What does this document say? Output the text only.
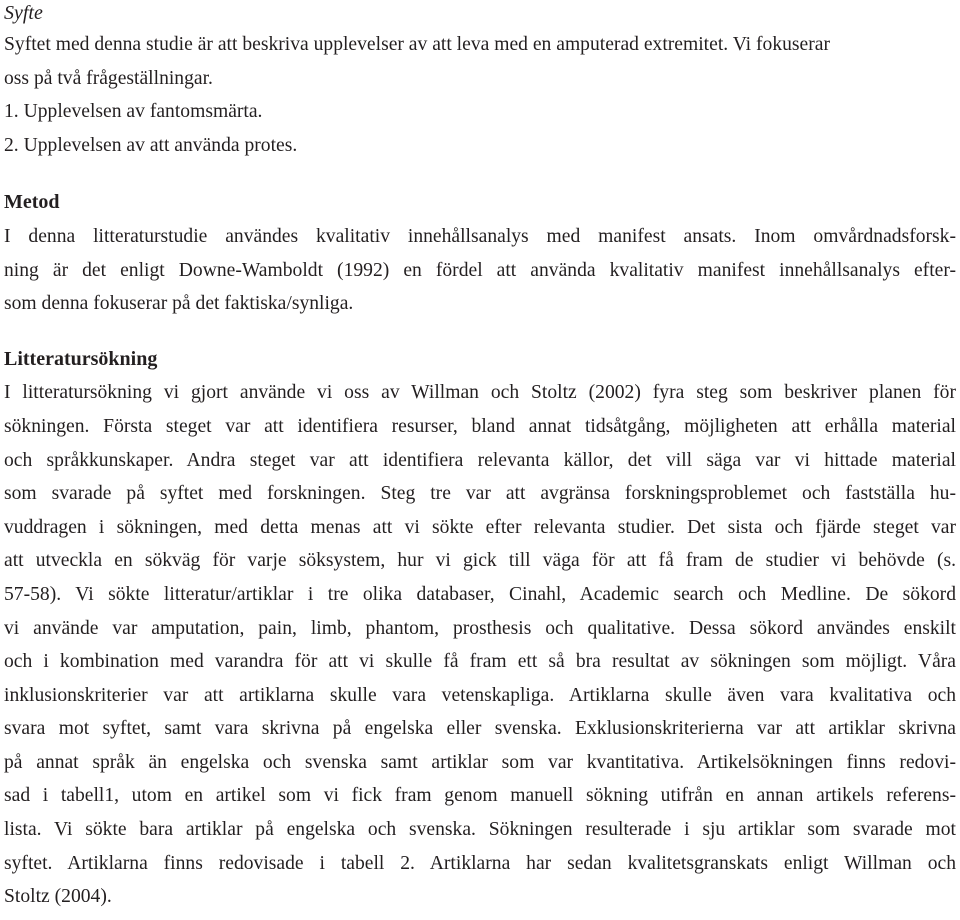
Syfte
Syftet med denna studie är att beskriva upplevelser av att leva med en amputerad extremitet. Vi fokuserar
oss på två frågeställningar.
1. Upplevelsen av fantomsmärta.
2. Upplevelsen av att använda protes.
Metod
I denna litteraturstudie användes kvalitativ innehållsanalys med manifest ansats. Inom omvårdnadsforsk-
ning är det enligt Downe-Wamboldt (1992) en fördel att använda kvalitativ manifest innehållsanalys efter-
som denna fokuserar på det faktiska/synliga.
Litteratursökning
I litteratursökning vi gjort använde vi oss av Willman och Stoltz (2002) fyra steg som beskriver planen för
sökningen. Första steget var att identifiera resurser, bland annat tidsåtgång, möjligheten att erhålla material
och språkkunskaper. Andra steget var att identifiera relevanta källor, det vill säga var vi hittade material
som svarade på syftet med forskningen. Steg tre var att avgränsa forskningsproblemet och fastställa hu-
vuddragen i sökningen, med detta menas att vi sökte efter relevanta studier. Det sista och fjärde steget var
att utveckla en sökväg för varje söksystem, hur vi gick till väga för att få fram de studier vi behövde (s.
57-58). Vi sökte litteratur/artiklar i tre olika databaser, Cinahl, Academic search och Medline. De sökord
vi använde var amputation, pain, limb, phantom, prosthesis och qualitative. Dessa sökord användes enskilt
och i kombination med varandra för att vi skulle få fram ett så bra resultat av sökningen som möjligt. Våra
inklusionskriterier var att artiklarna skulle vara vetenskapliga. Artiklarna skulle även vara kvalitativa och
svara mot syftet, samt vara skrivna på engelska eller svenska. Exklusionskriterierna var att artiklar skrivna
på annat språk än engelska och svenska samt artiklar som var kvantitativa. Artikelsökningen finns redovi-
sad i tabell1, utom en artikel som vi fick fram genom manuell sökning utifrån en annan artikels referens-
lista. Vi sökte bara artiklar på engelska och svenska. Sökningen resulterade i sju artiklar som svarade mot
syftet. Artiklarna finns redovisade i tabell 2. Artiklarna har sedan kvalitetsgranskats enligt Willman och
Stoltz (2004).
